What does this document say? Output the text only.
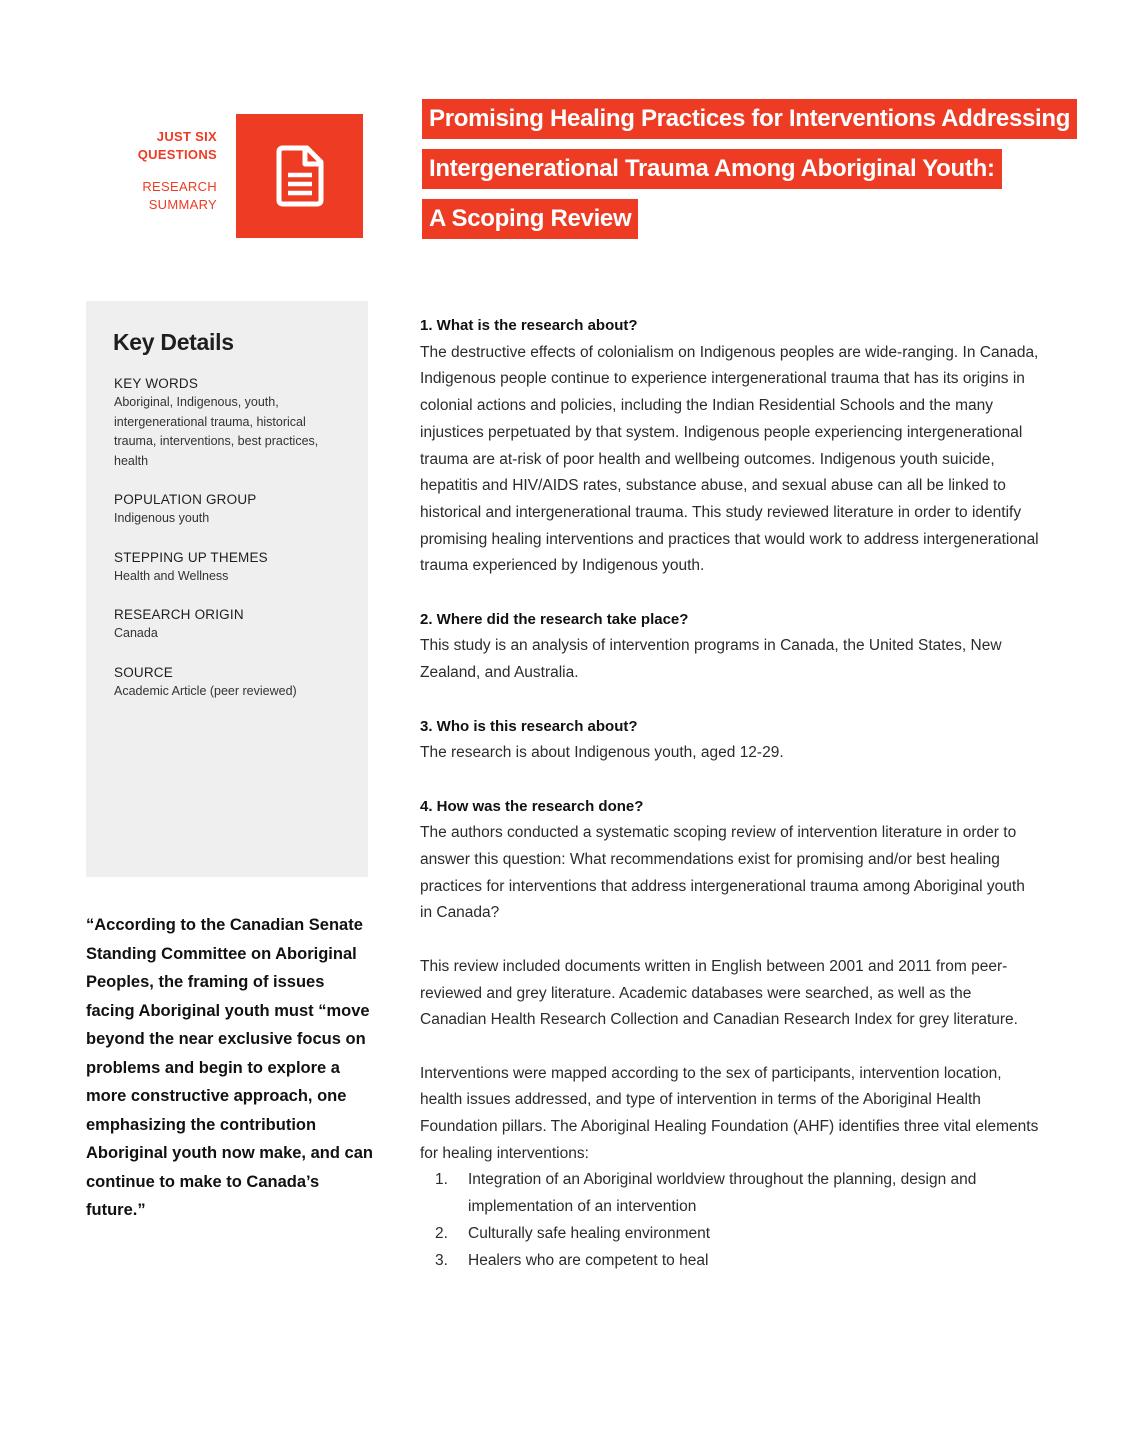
JUST SIX QUESTIONS
RESEARCH SUMMARY
Promising Healing Practices for Interventions Addressing
Intergenerational Trauma Among Aboriginal Youth:
A Scoping Review
Key Details
KEY WORDS
Aboriginal, Indigenous, youth, intergenerational trauma, historical trauma, interventions, best practices, health
POPULATION GROUP
Indigenous youth
STEPPING UP THEMES
Health and Wellness
RESEARCH ORIGIN
Canada
SOURCE
Academic Article (peer reviewed)
“According to the Canadian Senate Standing Committee on Aboriginal Peoples, the framing of issues facing Aboriginal youth must “move beyond the near exclusive focus on problems and begin to explore a more constructive approach, one emphasizing the contribution Aboriginal youth now make, and can continue to make to Canada’s future.”
1. What is the research about?

The destructive effects of colonialism on Indigenous peoples are wide-ranging. In Canada, Indigenous people continue to experience intergenerational trauma that has its origins in colonial actions and policies, including the Indian Residential Schools and the many injustices perpetuated by that system. Indigenous people experiencing intergenerational trauma are at-risk of poor health and wellbeing outcomes. Indigenous youth suicide, hepatitis and HIV/AIDS rates, substance abuse, and sexual abuse can all be linked to historical and intergenerational trauma. This study reviewed literature in order to identify promising healing interventions and practices that would work to address intergenerational trauma experienced by Indigenous youth.

2. Where did the research take place?

This study is an analysis of intervention programs in Canada, the United States, New Zealand, and Australia.

3. Who is this research about?

The research is about Indigenous youth, aged 12-29.

4. How was the research done?

The authors conducted a systematic scoping review of intervention literature in order to answer this question: What recommendations exist for promising and/or best healing practices for interventions that address intergenerational trauma among Aboriginal youth in Canada?

This review included documents written in English between 2001 and 2011 from peer-reviewed and grey literature. Academic databases were searched, as well as the Canadian Health Research Collection and Canadian Research Index for grey literature.

Interventions were mapped according to the sex of participants, intervention location, health issues addressed, and type of intervention in terms of the Aboriginal Health Foundation pillars. The Aboriginal Healing Foundation (AHF) identifies three vital elements for healing interventions:

1.	Integration of an Aboriginal worldview throughout the planning, design and implementation of an intervention
2.	Culturally safe healing environment
3.	Healers who are competent to heal
